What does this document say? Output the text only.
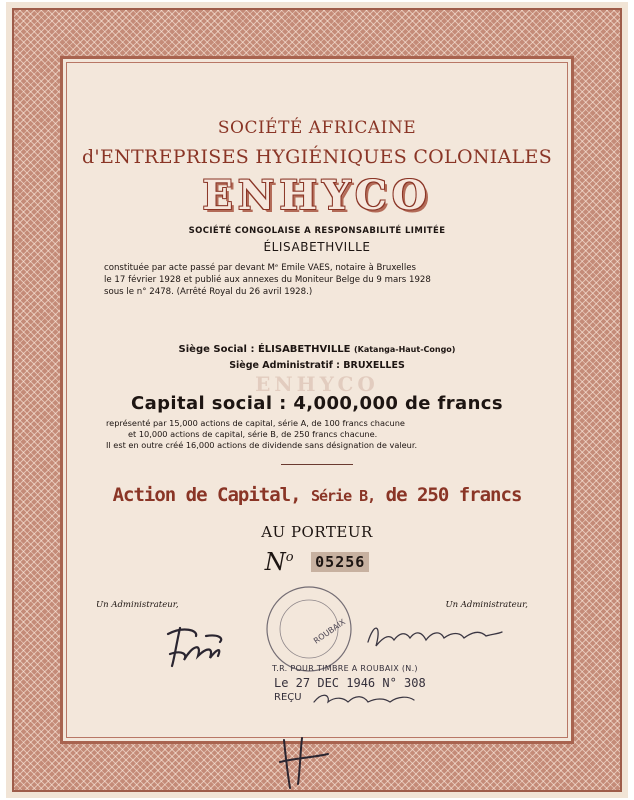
SOCIÉTÉ AFRICAINE
d'ENTREPRISES HYGIÉNIQUES COLONIALES
ENHYCO
SOCIÉTÉ CONGOLAISE A RESPONSABILITÉ LIMITÉE
ÉLISABETHVILLE
constituée par acte passé par devant Mᵉ Emile VAES, notaire à Bruxelles
le 17 février 1928 et publié aux annexes du Moniteur Belge du 9 mars 1928
sous le n° 2478. (Arrêté Royal du 26 avril 1928.)
Siège Social : ÉLISABETHVILLE (Katanga-Haut-Congo)
Siège Administratif : BRUXELLES
ENHYCO
Capital social : 4,000,000 de francs
représenté par 15,000 actions de capital, série A, de 100 francs chacune
et 10,000 actions de capital, série B, de 250 francs chacune.
Il est en outre créé 16,000 actions de dividende sans désignation de valeur.
Action de Capital, Série B, de 250 francs
AU PORTEUR
$N^o$ 05256
Un Administrateur,	Un Administrateur,
ROUBAIX
T.R. POUR TIMBRE A ROUBAIX (N.)
Le 27 DEC 1946 N° 308
REÇU
